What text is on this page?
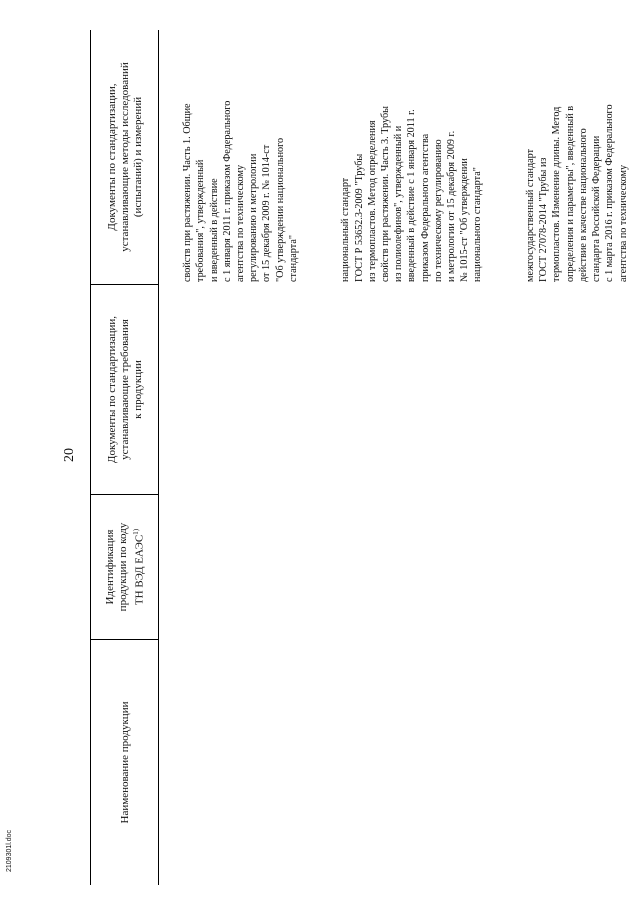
2109301l.doc
20
Наименование продукции
Идентификация
продукции по коду
ТН ВЭД ЕАЭС$^{1)}$
Документы по стандартизации,
устанавливающие требования
к продукции
Документы по стандартизации,
устанавливающие методы исследований
(испытаний) и измерений

свойств при растяжении. Часть 1. Общие
требования", утвержденный
и введенный в действие
с 1 января 2011 г. приказом Федерального
агентства по техническому
регулированию и метрологии
от 15 декабря 2009 г. № 1014-ст
"Об утверждении национального
стандарта"	национальный стандарт
ГОСТ Р 53652.3-2009 "Трубы
из термопластов. Метод определения
свойств при растяжении. Часть 3. Трубы
из полиолефинов", утвержденный и
введенный в действие с 1 января 2011 г.
приказом Федерального агентства
по техническому регулированию
и метрологии от 15 декабря 2009 г.
№ 1015-ст "Об утверждении
национального стандарта"	межгосударственный стандарт
ГОСТ 27078-2014 "Трубы из
термопластов. Изменение длины. Метод
определения и параметры", введенный в
действие в качестве национального
стандарта Российской Федерации
с 1 марта 2016 г. приказом Федерального
агентства по техническому
